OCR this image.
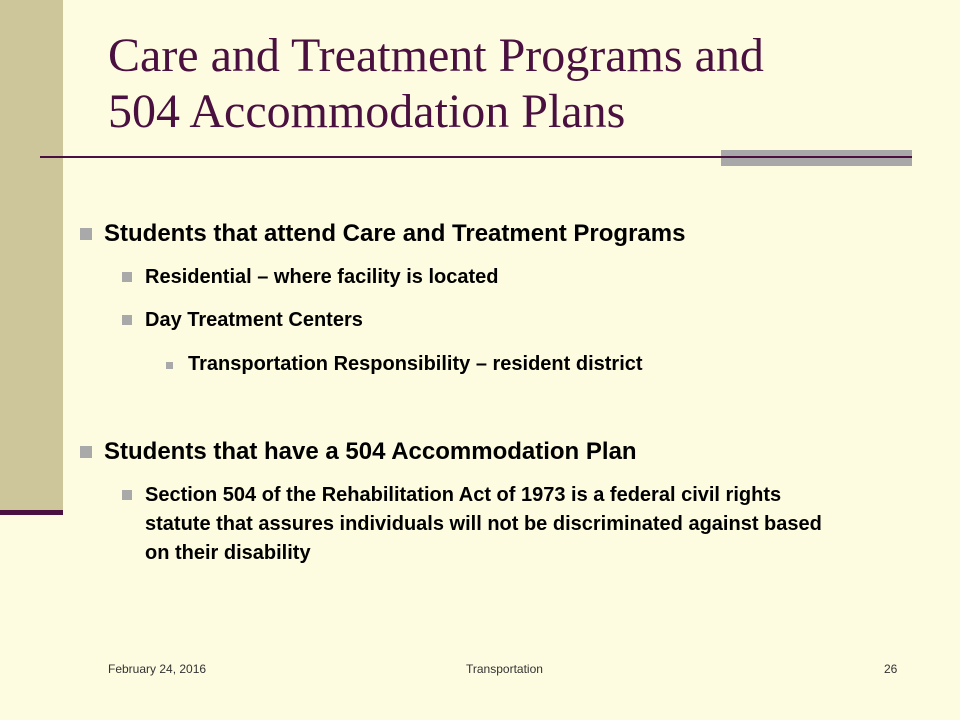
Care and Treatment Programs and
504 Accommodation Plans
Students that attend Care and Treatment Programs
Residential – where facility is located
Day Treatment Centers
Transportation Responsibility – resident district
Students that have a 504 Accommodation Plan
Section 504 of the Rehabilitation Act of 1973 is a federal civil rights statute that assures individuals will not be discriminated against based on their disability
February 24, 2016	Transportation	26
